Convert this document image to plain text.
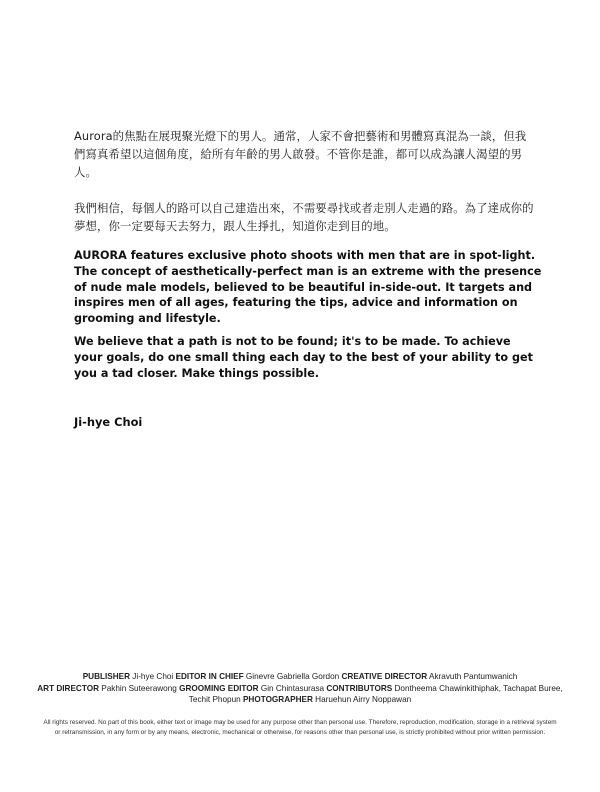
Aurora的焦點在展現聚光燈下的男人。通常，人家不會把藝術和男體寫真混為一談，但我們寫真希望以這個角度，給所有年齡的男人啟發。不管你是誰，都可以成為讓人渴望的男人。
我們相信，每個人的路可以自己建造出來，不需要尋找或者走別人走過的路。為了達成你的夢想，你一定要每天去努力，跟人生掙扎，知道你走到目的地。
AURORA features exclusive photo shoots with men that are in spot-light. The concept of aesthetically-perfect man is an extreme with the presence of nude male models, believed to be beautiful in-side-out. It targets and inspires men of all ages, featuring the tips, advice and information on grooming and lifestyle.
We believe that a path is not to be found; it's to be made. To achieve your goals, do one small thing each day to the best of your ability to get you a tad closer. Make things possible.
Ji-hye Choi
PUBLISHER Ji-hye Choi EDITOR IN CHIEF Ginevre Gabriella Gordon CREATIVE DIRECTOR Akravuth Pantumwanich
ART DIRECTOR Pakhin Suteerawong GROOMING EDITOR Gin Chintasurasa CONTRIBUTORS Dontheema Chawinkithiphak, Tachapat Buree, Techit Phopun PHOTOGRAPHER Haruehun Airry Noppawan
All rights reserved. No part of this book, either text or image may be used for any purpose other than personal use. Therefore, reproduction, modification, storage in a retrieval system or retransmission, in any form or by any means, electronic, mechanical or otherwise, for reasons other than personal use, is strictly prohibited without prior written permission.
